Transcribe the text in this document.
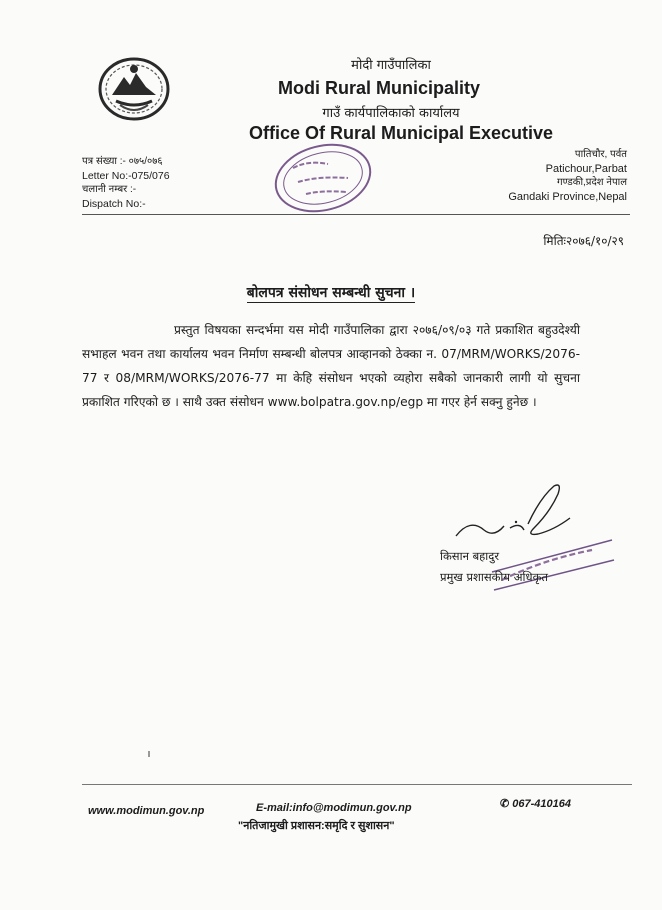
मोदी गाउँपालिका
Modi Rural Municipality
गाउँ कार्यपालिकाको कार्यालय
Office Of Rural Municipal Executive
पत्र संख्या :- ०७५/०७६
Letter No:-075/076
चलानी नम्बर :-
Dispatch No:-
पातिचौर, पर्वत
Patichour,Parbat
गण्डकी,प्रदेश नेपाल
Gandaki Province,Nepal
मितिः२०७६/१०/२९
बोलपत्र संसोधन सम्बन्धी सुचना ।
प्रस्तुत विषयका सन्दर्भमा यस मोदी गाउँपालिका द्वारा २०७६/०९/०३ गते प्रकाशित बहुउदेश्यी सभाहल भवन तथा कार्यालय भवन निर्माण सम्बन्धी बोलपत्र आव्हानको ठेक्का न. 07/MRM/WORKS/2076-77 र 08/MRM/WORKS/2076-77 मा केहि संसोधन भएको व्यहोरा सबैको जानकारी लागी यो सुचना प्रकाशित गरिएको छ । साथै उक्त संसोधन www.bolpatra.gov.np/egp मा गएर हेर्न सक्नु हुनेछ ।
किसान बहादुर
प्रमुख प्रशासकीय अधिकृत
www.modimun.gov.np	E-mail:info@modimun.gov.np	✆ 067-410164
"नतिजामुखी प्रशासन:समृदि र सुशासन"
